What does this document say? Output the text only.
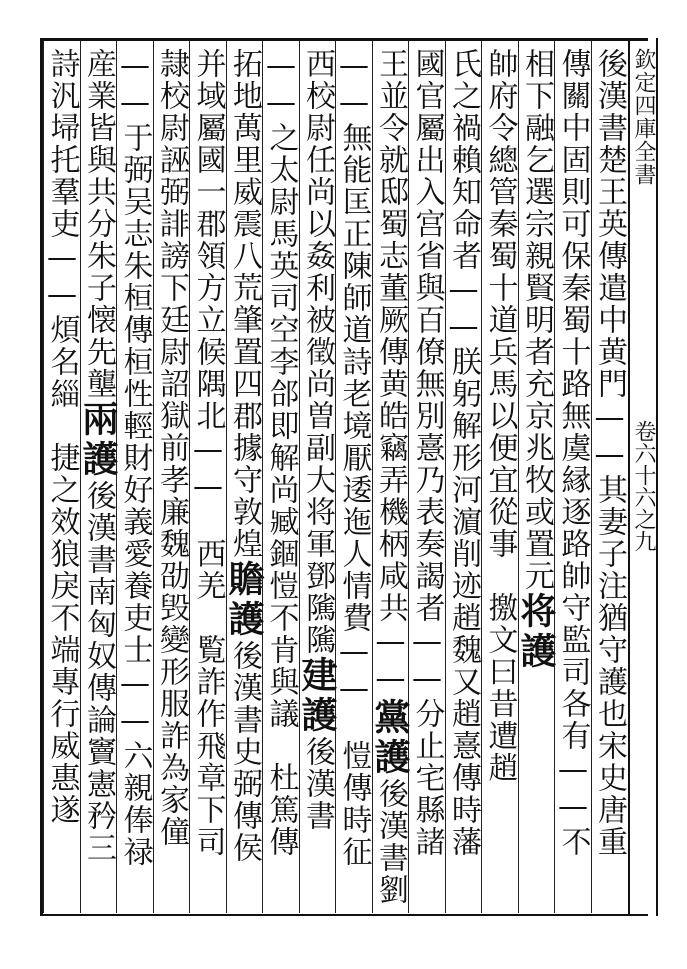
欽定四庫全書
卷六十六之九
後漢書楚王英傳遣中黄門——其妻子注猶守護也宋史唐重
傳關中固則可保秦蜀十路無虞縁逐路帥守監司各有——不
相下融乞選宗親賢明者充京兆牧或置元将護
帥府令總管秦蜀十道兵馬以便宜從事　撽文曰昔遭趙
氏之禍賴知命者——朕躬解形河濵削迹趙魏又趙憙傳時藩
國官屬出入宫省與百僚無別憙乃表奏謁者——分止宅縣諸
王並令就邸蜀志董厥傳黄皓竊弄機柄咸共——黨護後漢書劉
——無能匡正陳師道詩老境厭逶迤人情費——　愷傳時征
西校尉任尚以姦利被徵尚曽副大将軍鄧隲隲建護後漢書
——之太尉馬英司空李郃即解尚臧錮愷不肯與議　杜篤傳
拓地萬里威震八荒肇置四郡據守敦煌贍護後漢書史弼傳侯
并域屬國一郡領方立候隅北——　西羌　覧詐作飛章下司
隷校尉誣弼誹謗下廷尉詔獄前孝廉魏劭毁變形服詐為家僮
——于弼吴志朱桓傳桓性輕財好義愛養吏士——六親俸禄
産業皆與共分朱子懐先壟兩護後漢書南匈奴傳論竇憲矜三
詩汎埽托羣吏——煩名緇　捷之效狼戾不端專行威惠遂
